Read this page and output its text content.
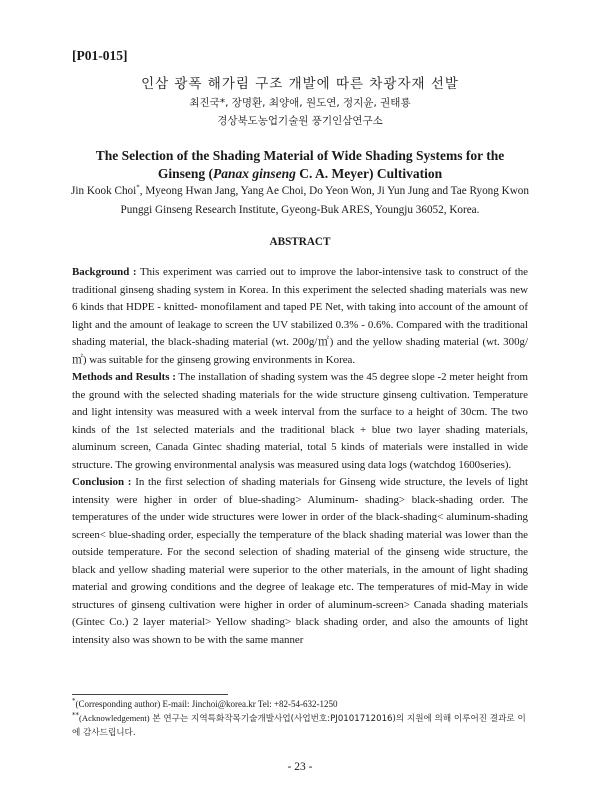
[P01-015]
인삼 광폭 해가림 구조 개발에 따른 차광자재 선발
최진국*, 장명환, 최양애, 원도연, 정지윤, 권태룡
경상북도농업기술원 풍기인삼연구소
The Selection of the Shading Material of Wide Shading Systems for the
Ginseng (Panax ginseng C. A. Meyer) Cultivation
Jin Kook Choi*, Myeong Hwan Jang, Yang Ae Choi, Do Yeon Won, Ji Yun Jung and Tae Ryong Kwon
Punggi Ginseng Research Institute, Gyeong-Buk ARES, Youngju 36052, Korea.
ABSTRACT

Background : This experiment was carried out to improve the labor-intensive task to construct of the traditional ginseng shading system in Korea. In this experiment the selected shading materials was new 6 kinds that HDPE - knitted- monofilament and taped PE Net, with taking into account of the amount of light and the amount of leakage to screen the UV stabilized 0.3% - 0.6%. Compared with the traditional shading material, the black-shading material (wt. 200g/㎡) and the yellow shading material (wt. 300g/㎡) was suitable for the ginseng growing environments in Korea.

Methods and Results : The installation of shading system was the 45 degree slope -2 meter height from the ground with the selected shading materials for the wide structure ginseng cultivation. Temperature and light intensity was measured with a week interval from the surface to a height of 30cm. The two kinds of the 1st selected materials and the traditional black + blue two layer shading materials, aluminum screen, Canada Gintec shading material, total 5 kinds of materials were installed in wide structure. The growing environmental analysis was measured using data logs (watchdog 1600series).

Conclusion : In the first selection of shading materials for Ginseng wide structure, the levels of light intensity were higher in order of blue-shading> Aluminum- shading> black-shading order. The temperatures of the under wide structures were lower in order of the black-shading< aluminum-shading screen< blue-shading order, especially the temperature of the black shading material was lower than the outside temperature. For the second selection of shading material of the ginseng wide structure, the black and yellow shading material were superior to the other materials, in the amount of light shading material and growing conditions and the degree of leakage etc. The temperatures of mid-May in wide structures of ginseng cultivation were higher in order of aluminum-screen> Canada shading materials (Gintec Co.) 2 layer material> Yellow shading> black shading order, and also the amounts of light intensity also was shown to be with the same manner

*(Corresponding author) E-mail: Jinchoi@korea.kr Tel: +82-54-632-1250
**(Acknowledgement) 본 연구는 지역특화작목기술개발사업(사업번호:PJ0101712016)의 지원에 의해 이루어진 결과로 이에 감사드립니다.
- 23 -
